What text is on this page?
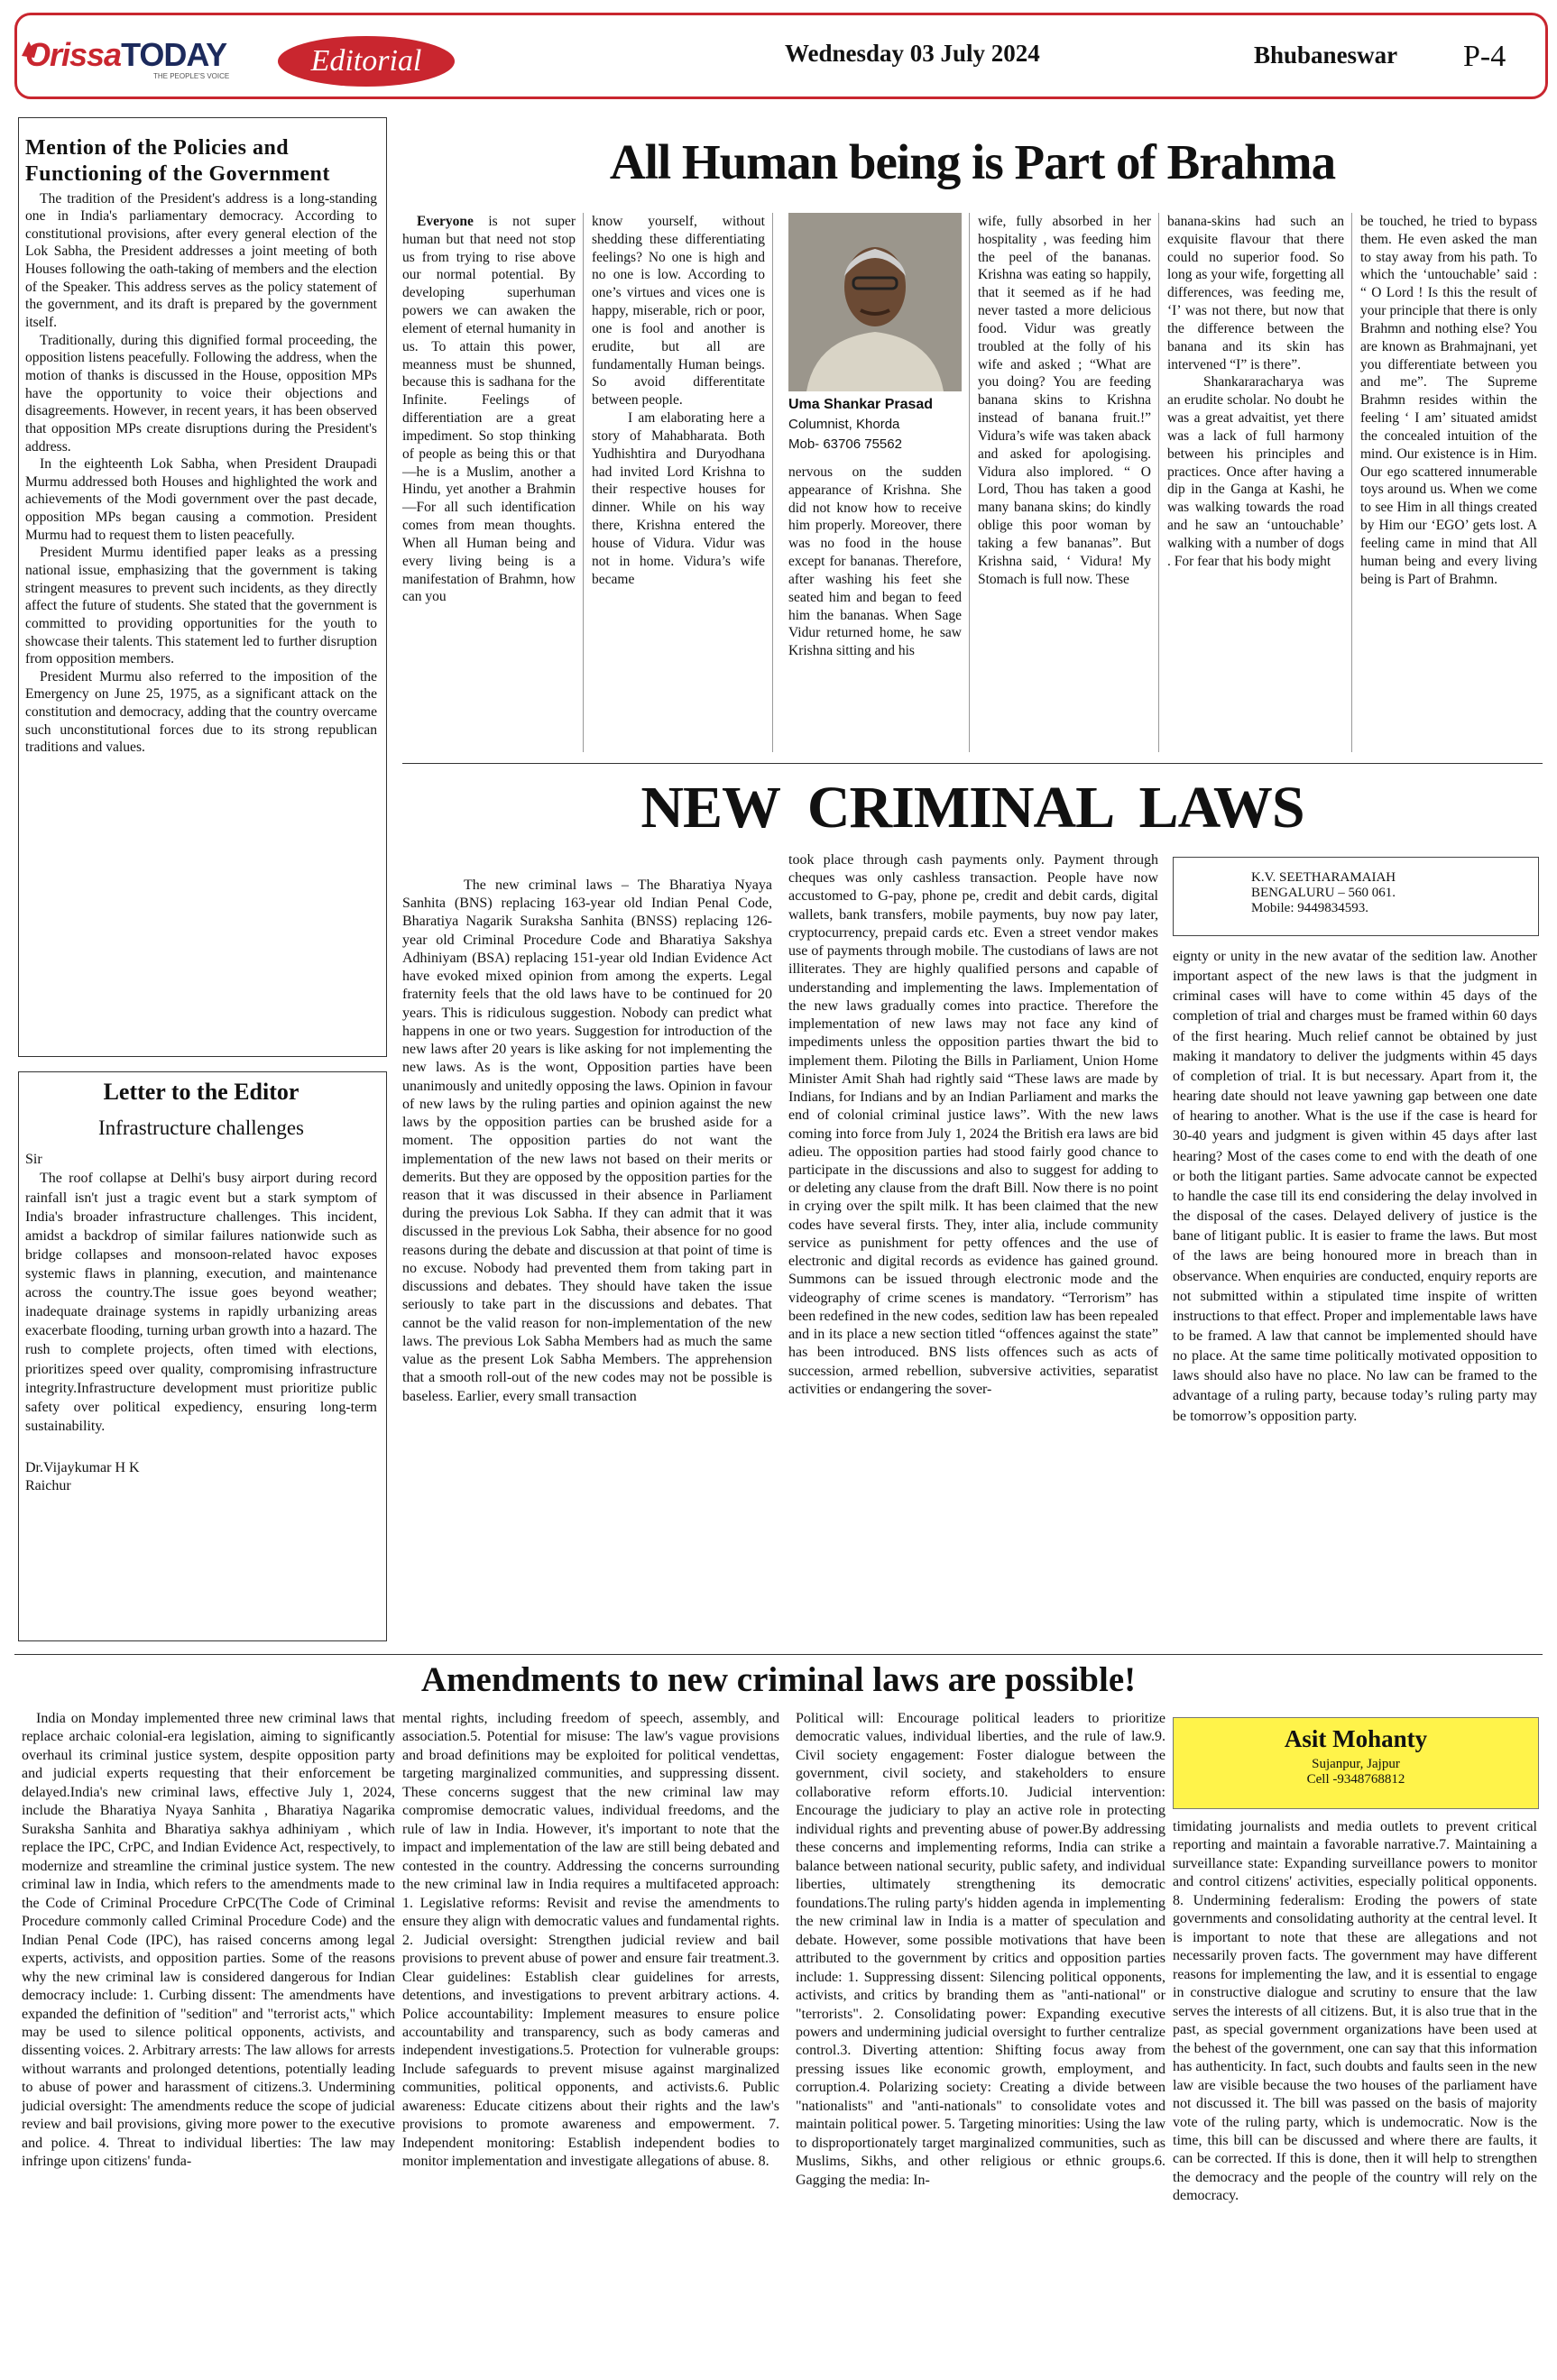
OrissaTODAY
THE PEOPLE'S VOICE	Editorial	Wednesday 03 July 2024	Bhubaneswar P-4
Mention of the Policies and Functioning of the Government

The tradition of the President's address is a long-standing one in India's parliamentary democracy. According to constitutional provisions, after every general election of the Lok Sabha, the President addresses a joint meeting of both Houses following the oath-taking of members and the election of the Speaker. This address serves as the policy statement of the government, and its draft is prepared by the government itself.

Traditionally, during this dignified formal proceeding, the opposition listens peacefully. Following the address, when the motion of thanks is discussed in the House, opposition MPs have the opportunity to voice their objections and disagreements. However, in recent years, it has been observed that opposition MPs create disruptions during the President's address.

In the eighteenth Lok Sabha, when President Draupadi Murmu addressed both Houses and highlighted the work and achievements of the Modi government over the past decade, opposition MPs began causing a commotion. President Murmu had to request them to listen peacefully.

President Murmu identified paper leaks as a pressing national issue, emphasizing that the government is taking stringent measures to prevent such incidents, as they directly affect the future of students. She stated that the government is committed to providing opportunities for the youth to showcase their talents. This statement led to further disruption from opposition members.

President Murmu also referred to the imposition of the Emergency on June 25, 1975, as a significant attack on the constitution and democracy, adding that the country overcame such unconstitutional forces due to its strong republican traditions and values.

Letter to the Editor
Infrastructure challenges
Sir

The roof collapse at Delhi's busy airport during record rainfall isn't just a tragic event but a stark symptom of India's broader infrastructure challenges. This incident, amidst a backdrop of similar failures nationwide such as bridge collapses and monsoon-related havoc exposes systemic flaws in planning, execution, and maintenance across the country.The issue goes beyond weather; inadequate drainage systems in rapidly urbanizing areas exacerbate flooding, turning urban growth into a hazard. The rush to complete projects, often timed with elections, prioritizes speed over quality, compromising infrastructure integrity.Infrastructure development must prioritize public safety over political expediency, ensuring long-term sustainability.

Dr.Vijaykumar H K
Raichur
All Human being is Part of Brahma
Everyone is not super human but that need not stop us from trying to rise above our normal potential. By developing superhuman powers we can awaken the element of eternal humanity in us. To attain this power, meanness must be shunned, because this is sadhana for the Infinite. Feelings of differentiation are a great impediment. So stop thinking of people as being this or that—he is a Muslim, another a Hindu, yet another a Brahmin—For all such identification comes from mean thoughts. When all Human being and every living being is a manifestation of Brahmn, how can you

know yourself, without shedding these differentiating feelings? No one is high and no one is low. According to one’s virtues and vices one is happy, miserable, rich or poor, one is fool and another is erudite, but all are fundamentally Human beings. So avoid differentitate between people.

I am elaborating here a story of Mahabharata. Both Yudhishtira and Duryodhana had invited Lord Krishna to their respective houses for dinner. While on his way there, Krishna entered the house of Vidura. Vidur was not in home. Vidura’s wife became

Uma Shankar Prasad
Columnist, Khorda
Mob- 63706 75562
nervous on the sudden appearance of Krishna. She did not know how to receive him properly. Moreover, there was no food in the house except for bananas. Therefore, after washing his feet she seated him and began to feed him the bananas. When Sage Vidur returned home, he saw Krishna sitting and his
wife, fully absorbed in her hospitality , was feeding him the peel of the bananas. Krishna was eating so happily, that it seemed as if he had never tasted a more delicious food. Vidur was greatly troubled at the folly of his wife and asked ; “What are you doing? You are feeding banana skins to Krishna instead of banana fruit.!” Vidura’s wife was taken aback and asked for apologising. Vidura also implored. “ O Lord, Thou has taken a good many banana skins; do kindly oblige this poor woman by taking a few bananas”. But Krishna said, ‘ Vidura! My Stomach is full now. These

banana-skins had such an exquisite flavour that there could no superior food. So long as your wife, forgetting all differences, was feeding me, ‘I’ was not there, but now that the difference between the banana and its skin has intervened “I” is there”.

Shankararacharya was an erudite scholar. No doubt he was a great advaitist, yet there was a lack of full harmony between his principles and practices. Once after having a dip in the Ganga at Kashi, he was walking towards the road and he saw an ‘untouchable’ walking with a number of dogs . For fear that his body might

be touched, he tried to bypass them. He even asked the man to stay away from his path. To which the ‘untouchable’ said : “ O Lord ! Is this the result of your principle that there is only Brahmn and nothing else? You are known as Brahmajnani, yet you differentiate between you and me”. The Supreme Brahmn resides within the feeling ‘ I am’ situated amidst the concealed intuition of the mind. Our existence is in Him. Our ego scattered innumerable toys around us. When we come to see Him in all things created by Him our ‘EGO’ gets lost. A feeling came in mind that All human being and every living being is Part of Brahmn.
NEW  CRIMINAL  LAWS

The new criminal laws – The Bharatiya Nyaya Sanhita (BNS) replacing 163-year old Indian Penal Code, Bharatiya Nagarik Suraksha Sanhita (BNSS) replacing 126-year old Criminal Procedure Code and Bharatiya Sakshya Adhiniyam (BSA) replacing 151-year old Indian Evidence Act have evoked mixed opinion from among the experts. Legal fraternity feels that the old laws have to be continued for 20 years. This is ridiculous suggestion. Nobody can predict what happens in one or two years. Suggestion for introduction of the new laws after 20 years is like asking for not implementing the new laws. As is the wont, Opposition parties have been unanimously and unitedly opposing the laws. Opinion in favour of new laws by the ruling parties and opinion against the new laws by the opposition parties can be brushed aside for a moment. The opposition parties do not want the implementation of the new laws not based on their merits or demerits. But they are opposed by the opposition parties for the reason that it was discussed in their absence in Parliament during the previous Lok Sabha. If they can admit that it was discussed in the previous Lok Sabha, their absence for no good reasons during the debate and discussion at that point of time is no excuse. Nobody had prevented them from taking part in discussions and debates. They should have taken the issue seriously to take part in the discussions and debates. That cannot be the valid reason for non-implementation of the new laws. The previous Lok Sabha Members had as much the same value as the present Lok Sabha Members. The apprehension that a smooth roll-out of the new codes may not be possible is baseless. Earlier, every small transaction

took place through cash payments only. Payment through cheques was only cashless transaction. People have now accustomed to G-pay, phone pe, credit and debit cards, digital wallets, bank transfers, mobile payments, buy now pay later, cryptocurrency, prepaid cards etc. Even a street vendor makes use of payments through mobile. The custodians of laws are not illiterates. They are highly qualified persons and capable of understanding and implementing the laws. Implementation of the new laws gradually comes into practice. Therefore the implementation of new laws may not face any kind of impediments unless the opposition parties thwart the bid to implement them. Piloting the Bills in Parliament, Union Home Minister Amit Shah had rightly said “These laws are made by Indians, for Indians and by an Indian Parliament and marks the end of colonial criminal justice laws”. With the new laws coming into force from July 1, 2024 the British era laws are bid adieu. The opposition parties had stood fairly good chance to participate in the discussions and also to suggest for adding to or deleting any clause from the draft Bill. Now there is no point in crying over the spilt milk. It has been claimed that the new codes have several firsts. They, inter alia, include community service as punishment for petty offences and the use of electronic and digital records as evidence has gained ground. Summons can be issued through electronic mode and the videography of crime scenes is mandatory. “Terrorism” has been redefined in the new codes, sedition law has been repealed and in its place a new section titled “offences against the state” has been introduced. BNS lists offences such as acts of succession, armed rebellion, subversive activities, separatist activities or endangering the sover-
K.V. SEETHARAMAIAH
BENGALURU – 560 061.
Mobile: 9449834593.
eignty or unity in the new avatar of the sedition law. Another important aspect of the new laws is that the judgment in criminal cases will have to come within 45 days of the completion of trial and charges must be framed within 60 days of the first hearing. Much relief cannot be obtained by just making it mandatory to deliver the judgments within 45 days of completion of trial. It is but necessary. Apart from it, the hearing date should not leave yawning gap between one date of hearing to another. What is the use if the case is heard for 30-40 years and judgment is given within 45 days after last hearing? Most of the cases come to end with the death of one or both the litigant parties. Same advocate cannot be expected to handle the case till its end considering the delay involved in the disposal of the cases. Delayed delivery of justice is the bane of litigant public. It is easier to frame the laws. But most of the laws are being honoured more in breach than in observance. When enquiries are conducted, enquiry reports are not submitted within a stipulated time inspite of written instructions to that effect. Proper and implementable laws have to be framed. A law that cannot be implemented should have no place. At the same time politically motivated opposition to laws should also have no place. No law can be framed to the advantage of a ruling party, because today’s ruling party may be tomorrow’s opposition party.
Amendments to new criminal laws are possible!

India on Monday implemented three new criminal laws that replace archaic colonial-era legislation, aiming to significantly overhaul its criminal justice system, despite opposition party and judicial experts requesting that their enforcement be delayed.India's new criminal laws, effective July 1, 2024, include the Bharatiya Nyaya Sanhita , Bharatiya Nagarika Suraksha Sanhita and Bharatiya sakhya adhiniyam , which replace the IPC, CrPC, and Indian Evidence Act, respectively, to modernize and streamline the criminal justice system. The new criminal law in India, which refers to the amendments made to the Code of Criminal Procedure CrPC(The Code of Criminal Procedure commonly called Criminal Procedure Code) and the Indian Penal Code (IPC), has raised concerns among legal experts, activists, and opposition parties. Some of the reasons why the new criminal law is considered dangerous for Indian democracy include: 1. Curbing dissent: The amendments have expanded the definition of "sedition" and "terrorist acts," which may be used to silence political opponents, activists, and dissenting voices. 2. Arbitrary arrests: The law allows for arrests without warrants and prolonged detentions, potentially leading to abuse of power and harassment of citizens.3. Undermining judicial oversight: The amendments reduce the scope of judicial review and bail provisions, giving more power to the executive and police. 4. Threat to individual liberties: The law may infringe upon citizens' funda-

mental rights, including freedom of speech, assembly, and association.5. Potential for misuse: The law's vague provisions and broad definitions may be exploited for political vendettas, targeting marginalized communities, and suppressing dissent. These concerns suggest that the new criminal law may compromise democratic values, individual freedoms, and the rule of law in India. However, it's important to note that the impact and implementation of the law are still being debated and contested in the country. Addressing the concerns surrounding the new criminal law in India requires a multifaceted approach: 1. Legislative reforms: Revisit and revise the amendments to ensure they align with democratic values and fundamental rights. 2. Judicial oversight: Strengthen judicial review and bail provisions to prevent abuse of power and ensure fair treatment.3. Clear guidelines: Establish clear guidelines for arrests, detentions, and investigations to prevent arbitrary actions. 4. Police accountability: Implement measures to ensure police accountability and transparency, such as body cameras and independent investigations.5. Protection for vulnerable groups: Include safeguards to prevent misuse against marginalized communities, political opponents, and activists.6. Public awareness: Educate citizens about their rights and the law's provisions to promote awareness and empowerment. 7. Independent monitoring: Establish independent bodies to monitor implementation and investigate allegations of abuse. 8.
Political will: Encourage political leaders to prioritize democratic values, individual liberties, and the rule of law.9. Civil society engagement: Foster dialogue between the government, civil society, and stakeholders to ensure collaborative reform efforts.10. Judicial intervention: Encourage the judiciary to play an active role in protecting individual rights and preventing abuse of power.By addressing these concerns and implementing reforms, India can strike a balance between national security, public safety, and individual liberties, ultimately strengthening its democratic foundations.The ruling party's hidden agenda in implementing the new criminal law in India is a matter of speculation and debate. However, some possible motivations that have been attributed to the government by critics and opposition parties include: 1. Suppressing dissent: Silencing political opponents, activists, and critics by branding them as "anti-national" or "terrorists". 2. Consolidating power: Expanding executive powers and undermining judicial oversight to further centralize control.3. Diverting attention: Shifting focus away from pressing issues like economic growth, employment, and corruption.4. Polarizing society: Creating a divide between "nationalists" and "anti-nationals" to consolidate votes and maintain political power. 5. Targeting minorities: Using the law to disproportionately target marginalized communities, such as Muslims, Sikhs, and other religious or ethnic groups.6. Gagging the media: In-
Asit Mohanty
Sujanpur, Jajpur
Cell -9348768812
timidating journalists and media outlets to prevent critical reporting and maintain a favorable narrative.7. Maintaining a surveillance state: Expanding surveillance powers to monitor and control citizens' activities, especially political opponents. 8. Undermining federalism: Eroding the powers of state governments and consolidating authority at the central level. It is important to note that these are allegations and not necessarily proven facts. The government may have different reasons for implementing the law, and it is essential to engage in constructive dialogue and scrutiny to ensure that the law serves the interests of all citizens. But, it is also true that in the past, as special government organizations have been used at the behest of the government, one can say that this information has authenticity. In fact, such doubts and faults seen in the new law are visible because the two houses of the parliament have not discussed it. The bill was passed on the basis of majority vote of the ruling party, which is undemocratic. Now is the time, this bill can be discussed and where there are faults, it can be corrected. If this is done, then it will help to strengthen the democracy and the people of the country will rely on the democracy.
